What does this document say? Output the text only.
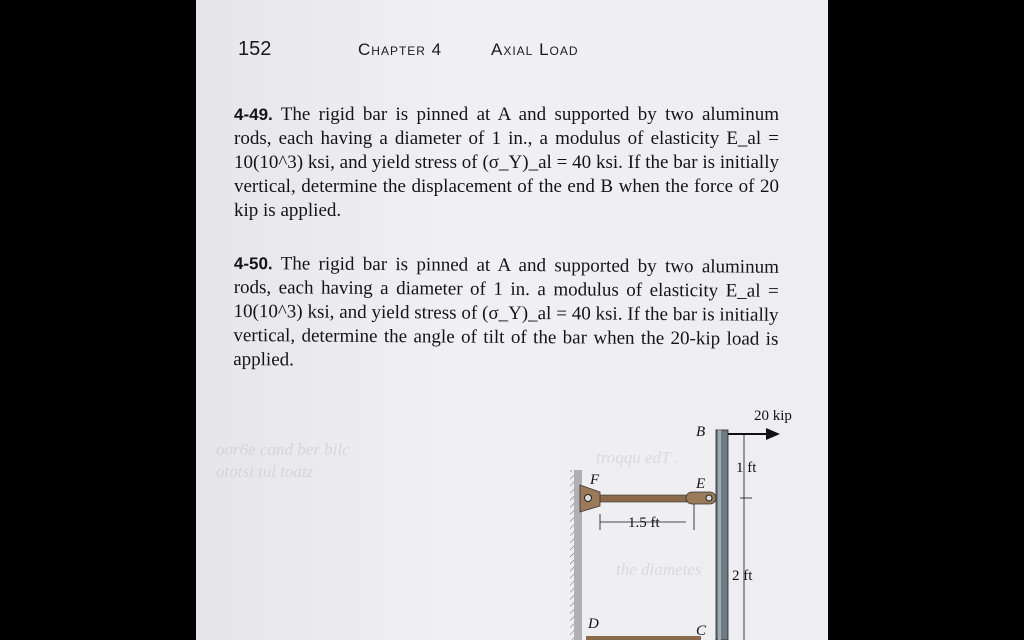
oor6e cand ber bilc
ototsi tul toatz
troqqu edT .
the diametes
152	Chapter 4	Axial Load
4-49. The rigid bar is pinned at A and supported by two aluminum rods, each having a diameter of 1 in., a modulus of elasticity E_al = 10(10^3) ksi, and yield stress of (σ_Y)_al = 40 ksi. If the bar is initially vertical, determine the displacement of the end B when the force of 20 kip is applied.
4-50. The rigid bar is pinned at A and supported by two aluminum rods, each having a diameter of 1 in. a modulus of elasticity E_al = 10(10^3) ksi, and yield stress of (σ_Y)_al = 40 ksi. If the bar is initially vertical, determine the angle of tilt of the bar when the 20-kip load is applied.
20 kip
B
E
F
D	C
1 ft
1.5 ft
2 ft
